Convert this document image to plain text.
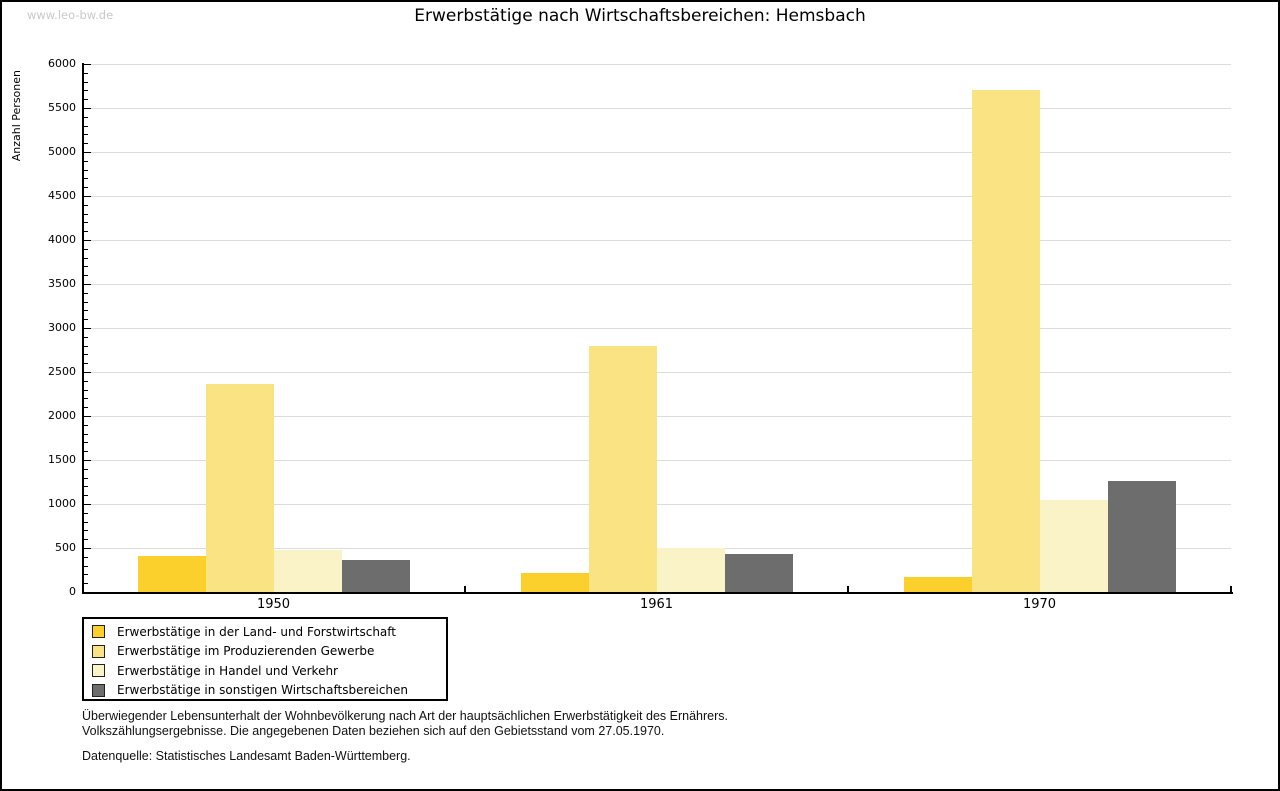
www.leo-bw.de	Erwerbstätige nach Wirtschaftsbereichen: Hemsbach
Anzahl Personen
0
500
1000
1500
2000
2500
3000
3500
4000
4500
5000
5500
6000
1950	1961	1970
Erwerbstätige in der Land- und Forstwirtschaft
Erwerbstätige im Produzierenden Gewerbe
Erwerbstätige in Handel und Verkehr
Erwerbstätige in sonstigen Wirtschaftsbereichen
Überwiegender Lebensunterhalt der Wohnbevölkerung nach Art der hauptsächlichen Erwerbstätigkeit des Ernährers.
Volkszählungsergebnisse. Die angegebenen Daten beziehen sich auf den Gebietsstand vom 27.05.1970.
Datenquelle: Statistisches Landesamt Baden-Württemberg.
